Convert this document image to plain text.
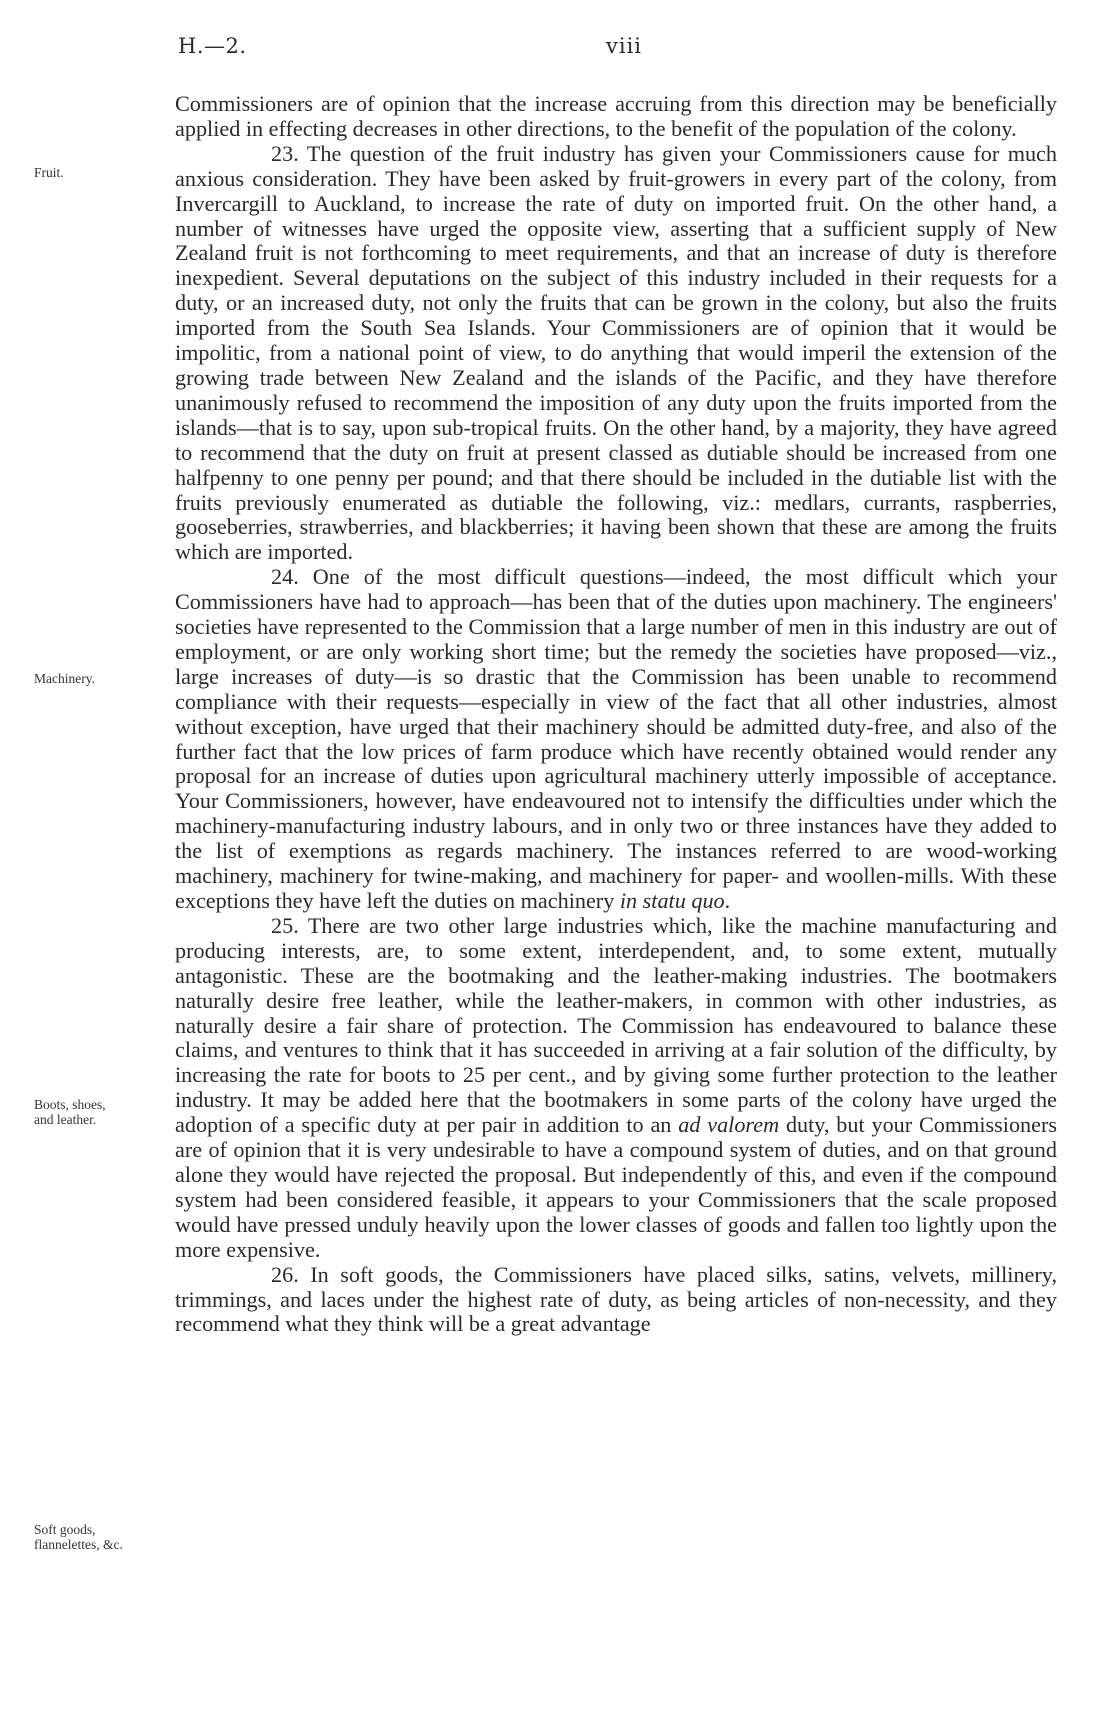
H.—2.	viii
Fruit.
Machinery.
Boots, shoes,
and leather.
Soft goods,
flannelettes, &c.

Commissioners are of opinion that the increase accruing from this direction may be beneficially applied in effecting decreases in other directions, to the benefit of the population of the colony.

23. The question of the fruit industry has given your Commissioners cause for much anxious consideration. They have been asked by fruit-growers in every part of the colony, from Invercargill to Auckland, to increase the rate of duty on imported fruit. On the other hand, a number of witnesses have urged the opposite view, asserting that a sufficient supply of New Zealand fruit is not forthcoming to meet requirements, and that an increase of duty is therefore inexpedient. Several deputations on the subject of this industry included in their requests for a duty, or an increased duty, not only the fruits that can be grown in the colony, but also the fruits imported from the South Sea Islands. Your Commissioners are of opinion that it would be impolitic, from a national point of view, to do anything that would imperil the extension of the growing trade between New Zealand and the islands of the Pacific, and they have therefore unanimously refused to recommend the imposition of any duty upon the fruits imported from the islands—that is to say, upon sub-tropical fruits. On the other hand, by a majority, they have agreed to recommend that the duty on fruit at present classed as dutiable should be increased from one halfpenny to one penny per pound; and that there should be included in the dutiable list with the fruits previously enumerated as dutiable the following, viz.: medlars, currants, raspberries, gooseberries, strawberries, and blackberries; it having been shown that these are among the fruits which are imported.

24. One of the most difficult questions—indeed, the most difficult which your Commissioners have had to approach—has been that of the duties upon machinery. The engineers' societies have represented to the Commission that a large number of men in this industry are out of employment, or are only working short time; but the remedy the societies have proposed—viz., large increases of duty—is so drastic that the Commission has been unable to recommend compliance with their requests—especially in view of the fact that all other industries, almost without exception, have urged that their machinery should be admitted duty-free, and also of the further fact that the low prices of farm produce which have recently obtained would render any proposal for an increase of duties upon agricultural machinery utterly impossible of acceptance. Your Commissioners, however, have endeavoured not to intensify the difficulties under which the machinery-manufacturing industry labours, and in only two or three instances have they added to the list of exemptions as regards machinery. The instances referred to are wood-working machinery, machinery for twine-making, and machinery for paper- and woollen-mills. With these exceptions they have left the duties on machinery in statu quo.

25. There are two other large industries which, like the machine manufacturing and producing interests, are, to some extent, interdependent, and, to some extent, mutually antagonistic. These are the bootmaking and the leather-making industries. The bootmakers naturally desire free leather, while the leather-makers, in common with other industries, as naturally desire a fair share of protection. The Commission has endeavoured to balance these claims, and ventures to think that it has succeeded in arriving at a fair solution of the difficulty, by increasing the rate for boots to 25 per cent., and by giving some further protection to the leather industry. It may be added here that the bootmakers in some parts of the colony have urged the adoption of a specific duty at per pair in addition to an ad valorem duty, but your Commissioners are of opinion that it is very undesirable to have a compound system of duties, and on that ground alone they would have rejected the proposal. But independently of this, and even if the compound system had been considered feasible, it appears to your Commissioners that the scale proposed would have pressed unduly heavily upon the lower classes of goods and fallen too lightly upon the more expensive.

26. In soft goods, the Commissioners have placed silks, satins, velvets, millinery, trimmings, and laces under the highest rate of duty, as being articles of non-necessity, and they recommend what they think will be a great advantage
